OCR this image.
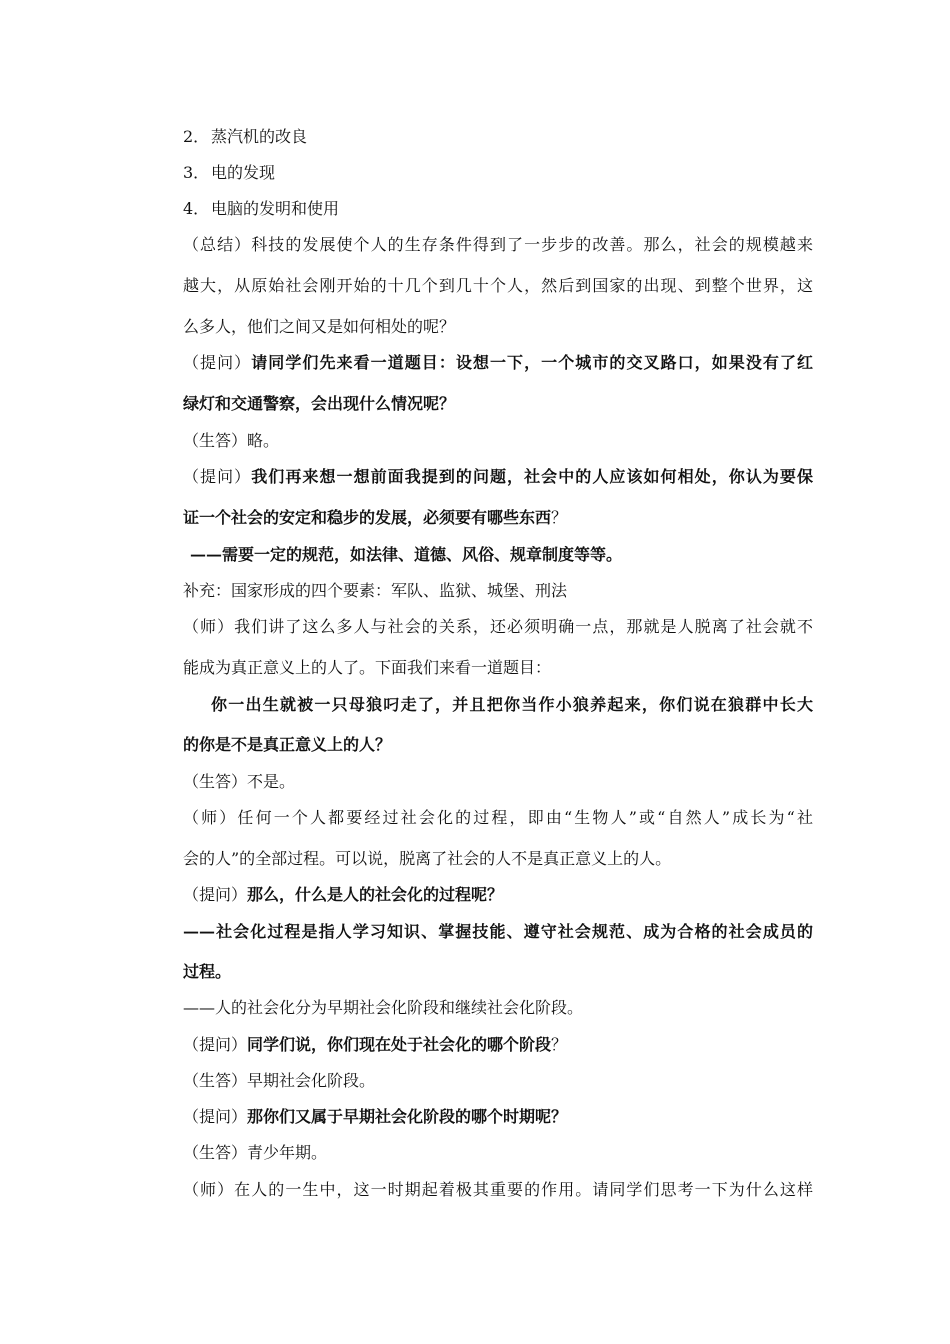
2． 蒸汽机的改良
3． 电的发现
4． 电脑的发明和使用
（总结）科技的发展使个人的生存条件得到了一步步的改善。那么，社会的规模越来
越大，从原始社会刚开始的十几个到几十个人，然后到国家的出现、到整个世界，这
么多人，他们之间又是如何相处的呢？
（提问）请同学们先来看一道题目：设想一下，一个城市的交叉路口，如果没有了红
绿灯和交通警察，会出现什么情况呢？
（生答）略。
（提问）我们再来想一想前面我提到的问题，社会中的人应该如何相处，你认为要保
证一个社会的安定和稳步的发展，必须要有哪些东西？
——需要一定的规范，如法律、道德、风俗、规章制度等等。
补充：国家形成的四个要素：军队、监狱、城堡、刑法
（师）我们讲了这么多人与社会的关系，还必须明确一点，那就是人脱离了社会就不
能成为真正意义上的人了。下面我们来看一道题目：
你一出生就被一只母狼叼走了，并且把你当作小狼养起来，你们说在狼群中长大
的你是不是真正意义上的人？
（生答）不是。
（师）任何一个人都要经过社会化的过程，即由“生物人”或“自然人”成长为“社
会的人”的全部过程。可以说，脱离了社会的人不是真正意义上的人。
（提问）那么，什么是人的社会化的过程呢？
——社会化过程是指人学习知识、掌握技能、遵守社会规范、成为合格的社会成员的
过程。
——人的社会化分为早期社会化阶段和继续社会化阶段。
（提问）同学们说，你们现在处于社会化的哪个阶段？
（生答）早期社会化阶段。
（提问）那你们又属于早期社会化阶段的哪个时期呢？
（生答）青少年期。
（师）在人的一生中，这一时期起着极其重要的作用。请同学们思考一下为什么这样
